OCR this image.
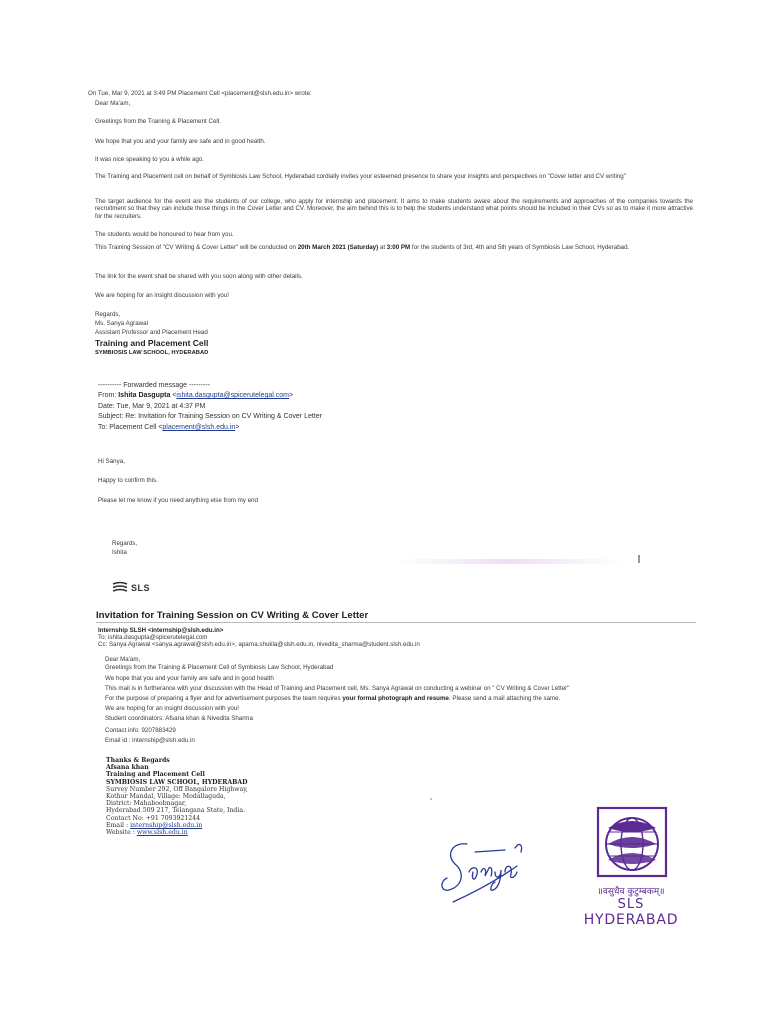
On Tue, Mar 9, 2021 at 3:49 PM Placement Cell <placement@slsh.edu.in> wrote:
Dear Ma'am,
Greetings from the Training & Placement Cell.
We hope that you and your family are safe and in good health.
It was nice speaking to you a while ago.
The Training and Placement cell on behalf of Symbiosis Law School, Hyderabad cordially invites your esteemed presence to share your insights and perspectives on "Cover letter and CV writing"
The target audience for the event are the students of our college, who apply for internship and placement. It aims to make students aware about the requirements and approaches of the companies towards the recruitment so that they can include those things in the Cover Letter and CV. Moreover, the aim behind this is to help the students understand what points should be included in their CVs so as to make it more attractive for the recruiters.
The students would be honoured to hear from you.
This Training Session of "CV Writing & Cover Letter" will be conducted on 20th March 2021 (Saturday) at 3:00 PM for the students of 3rd, 4th and 5th years of Symbiosis Law School, Hyderabad.
The link for the event shall be shared with you soon along with other details.
We are hoping for an insight discussion with you!
Regards,
Ms. Sanya Agrawal
Assistant Professor and Placement Head
Training and Placement Cell
SYMBIOSIS LAW SCHOOL, HYDERABAD
---------- Forwarded message ---------
From: Ishita Dasgupta <ishita.dasgupta@spicerutelegal.com>
Date: Tue, Mar 9, 2021 at 4:37 PM
Subject: Re: Invitation for Training Session on CV Writing & Cover Letter
To: Placement Cell <placement@slsh.edu.in>
Hi Sanya,
Happy to confirm this.
Please let me know if you need anything else from my end
Regards,
Ishita
SLS
Invitation for Training Session on CV Writing & Cover Letter
Internship SLSH <internship@slsh.edu.in>
To: ishita.dasgupta@spicerutelegal.com
Cc: Sanya Agrawal <sanya.agrawal@slsh.edu.in>, aparna.shukla@slsh.edu.in, nivedita_sharma@student.slsh.edu.in
Dear Ma'am,
Greetings from the Training & Placement Cell of Symbiosis Law School, Hyderabad
We hope that you and your family are safe and in good health
This mail is in furtherance with your discussion with the Head of Training and Placement cell, Ms. Sanya Agrawal on conducting a webinar on " CV Writing & Cover Letter"
For the purpose of preparing a flyer and for advertisement purposes the team requires your formal photograph and resume. Please send a mail attaching the same.
We are hoping for an insight discussion with you!
Student coordinators: Afsana khan & Nivedita Sharma
Contact info: 9207883429
Email id : internship@slsh.edu.in
Thanks & Regards
Afsana khan
Training and Placement Cell
SYMBIOSIS LAW SCHOOL, HYDERABAD
Survey Number 292, Off Bangalore Highway,
Kothur Mandal, Village: Modallaguda,
District: Mahaboobnagar,
Hyderabad 509 217, Telangana State, India.
Contact No: +91 7093921244
Email : internship@slsh.edu.in
Website : www.slsh.edu.in
॥वसुधैव कुटुम्बकम्॥
SLS
HYDERABAD
